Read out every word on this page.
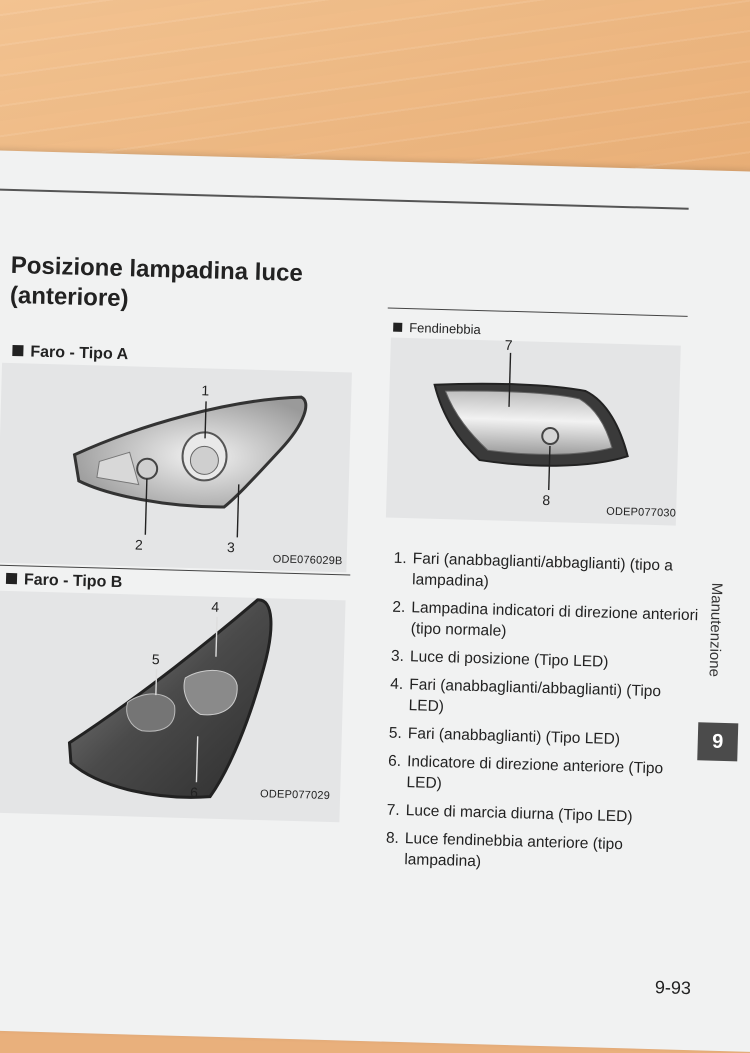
Posizione lampadina luce
(anteriore)
Faro - Tipo A
1
2	3
ODE076029B
Faro - Tipo B
4
5
6	ODEP077029
Fendinebbia
7
8
ODEP077030
1. Fari (anabbaglianti/abbaglianti) (tipo a lampadina)
2. Lampadina indicatori di direzione anteriori (tipo normale)
3. Luce di posizione (Tipo LED)
4. Fari (anabbaglianti/abbaglianti) (Tipo LED)
5. Fari (anabbaglianti) (Tipo LED)
6. Indicatore di direzione anteriore (Tipo LED)
7. Luce di marcia diurna (Tipo LED)
8. Luce fendinebbia anteriore (tipo lampadina)
Manutenzione
9
9-93
